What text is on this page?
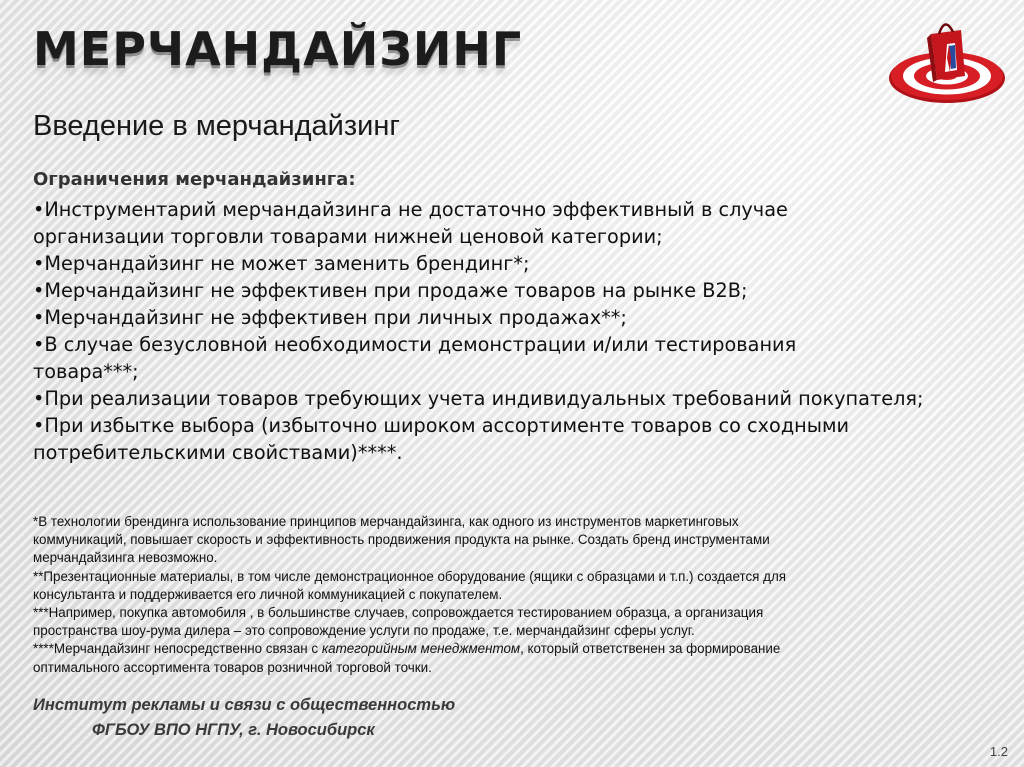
МЕРЧАНДАЙЗИНГ
Введение в мерчандайзинг
Ограничения мерчандайзинга:
•Инструментарий мерчандайзинга не достаточно эффективный в случае
организации торговли товарами нижней ценовой категории;
•Мерчандайзинг не может заменить брендинг*;
•Мерчандайзинг не эффективен при продаже товаров на рынке В2В;
•Мерчандайзинг не эффективен при личных продажах**;
•В случае безусловной необходимости демонстрации и/или тестирования
товара***;
•При реализации товаров требующих учета индивидуальных требований покупателя;
•При избытке выбора (избыточно широком ассортименте товаров со сходными
потребительскими свойствами)****.

*В технологии брендинга использование принципов мерчандайзинга, как одного из инструментов маркетинговых
коммуникаций, повышает скорость и эффективность продвижения продукта на рынке. Создать бренд инструментами
мерчандайзинга невозможно.

**Презентационные материалы, в том числе демонстрационное оборудование (ящики с образцами и т.п.) создается для
консультанта и поддерживается его личной коммуникацией с покупателем.

***Например, покупка автомобиля , в большинстве случаев, сопровождается тестированием образца, а организация
пространства шоу-рума дилера – это сопровождение услуги по продаже, т.е. мерчандайзинг сферы услуг.

****Мерчандайзинг непосредственно связан с категорийным менеджментом, который ответственен за формирование
оптимального ассортимента товаров розничной торговой точки.

Институт рекламы и связи с общественностью
ФГБОУ ВПО НГПУ, г. Новосибирск
1.2
